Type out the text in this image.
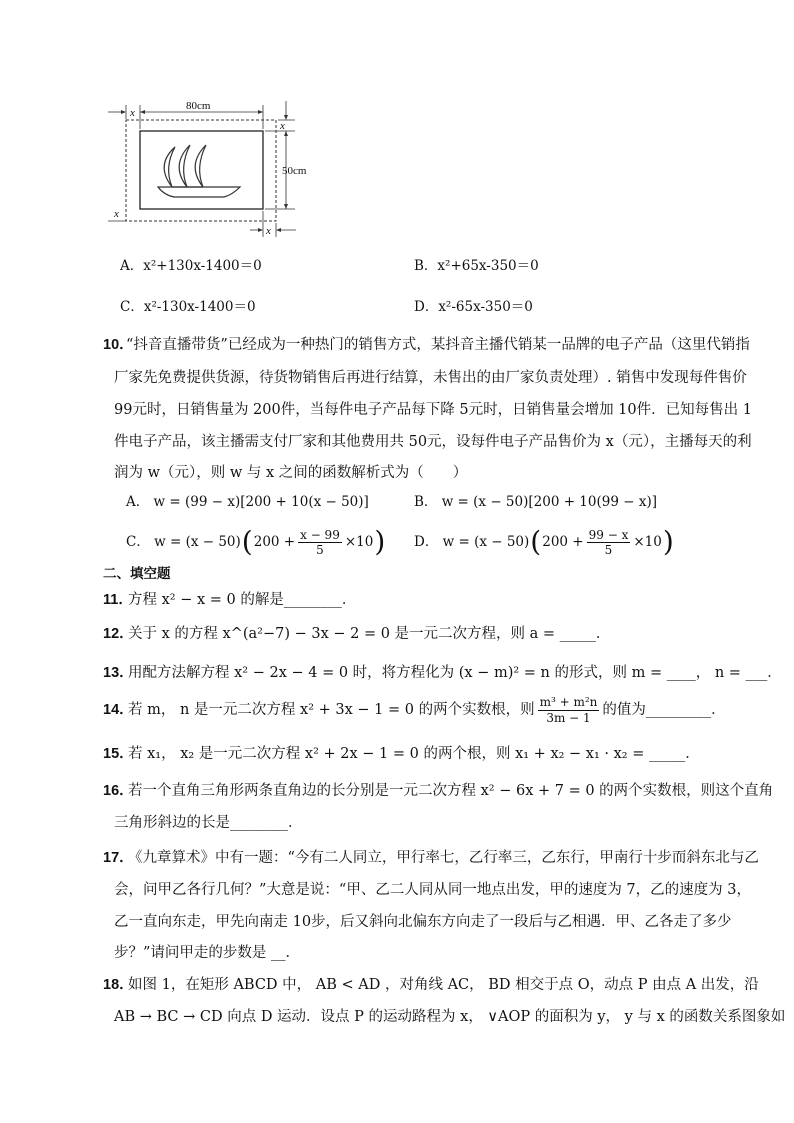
x
80cm
x
50cm
x
x
A．x²+130x-1400＝0	B．x²+65x-350＝0
C．x²-130x-1400＝0	D．x²-65x-350＝0
10．
“抖音直播带货”已经成为一种热门的销售方式，某抖音主播代销某一品牌的电子产品（这里代销指
厂家先免费提供货源，待货物销售后再进行结算，未售出的由厂家负责处理）. 销售中发现每件售价
99元时，日销售量为 200件，当每件电子产品每下降 5元时，日销售量会增加 10件．已知每售出 1
件电子产品，该主播需支付厂家和其他费用共 50元，设每件电子产品售价为 x（元），主播每天的利
润为 w（元），则 w 与 x 之间的函数解析式为（　　）
A． w = (99 − x)[200 + 10(x − 50)]	B． w = (x − 50)[200 + 10(99 − x)]
C． w = (x − 50) ( $200 + \frac{x - 99}{5} \times 10$ ) D． w = (x − 50) ( $200 + \frac{99 - x}{5} \times 10$ )
二、填空题
11．
方程 x² − x = 0 的解是________．
12．
关于 x 的方程 x^(a²−7) − 3x − 2 = 0 是一元二次方程，则 a = _____．
13．
用配方法解方程 x² − 2x − 4 = 0 时，将方程化为 (x − m)² = n 的形式，则 m = ____， n = ___．
14．
若 m， n 是一元二次方程 x² + 3x − 1 = 0 的两个实数根，则 $\frac{\text{m³ + m²n}}{3m - 1}$ 的值为_________．
15．
若 x₁， x₂ 是一元二次方程 x² + 2x − 1 = 0 的两个根，则 x₁ + x₂ − x₁ · x₂ = _____．
16．
若一个直角三角形两条直角边的长分别是一元二次方程 x² − 6x + 7 = 0 的两个实数根，则这个直角
三角形斜边的长是________．
17．
《九章算术》中有一题：“今有二人同立，甲行率七，乙行率三，乙东行，甲南行十步而斜东北与乙
会，问甲乙各行几何？”大意是说：“甲、乙二人同从同一地点出发，甲的速度为 7，乙的速度为 3，
乙一直向东走，甲先向南走 10步，后又斜向北偏东方向走了一段后与乙相遇．甲、乙各走了多少
步？”请问甲走的步数是 __．
18．
如图 1，在矩形 ABCD 中， AB < AD ，对角线 AC， BD 相交于点 O，动点 P 由点 A 出发，沿
AB → BC → CD 向点 D 运动．设点 P 的运动路程为 x， ∨AOP 的面积为 y， y 与 x 的函数关系图象如
